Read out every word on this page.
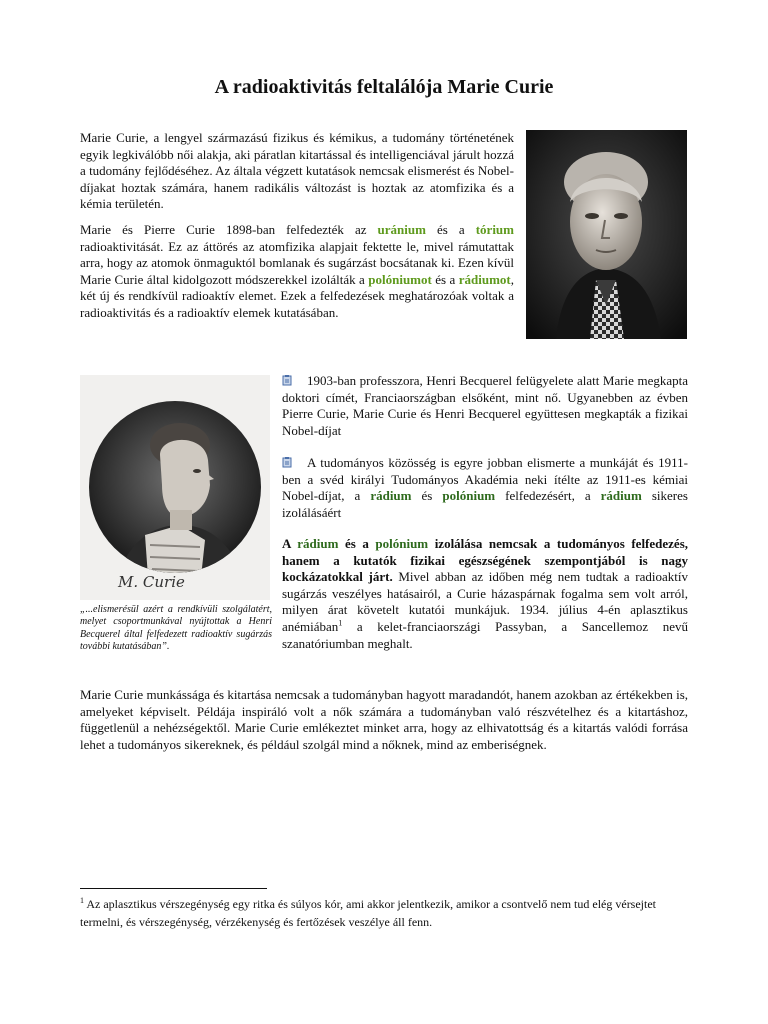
A radioaktivitás feltalálója Marie Curie

Marie Curie, a lengyel származású fizikus és kémikus, a tudomány történetének egyik legkiválóbb női alakja, aki páratlan kitartással és intelligenciával járult hozzá a tudomány fejlődéséhez. Az általa végzett kutatások nemcsak elismerést és Nobel-díjakat hoztak számára, hanem radikális változást is hoztak az atomfizika és a kémia területén.

Marie és Pierre Curie 1898-ban felfedezték az uránium és a tórium radioaktivitását. Ez az áttörés az atomfizika alapjait fektette le, mivel rámutattak arra, hogy az atomok önmaguktól bomlanak és sugárzást bocsátanak ki. Ezen kívül Marie Curie által kidolgozott módszerekkel izolálták a polóniumot és a rádiumot, két új és rendkívül radioaktív elemet. Ezek a felfedezések meghatározóak voltak a radioaktivitás és a radioaktív elemek kutatásában.

M. Curie

„...elismerésül azért a rendkívüli szolgálatért, melyet csoportmunkával nyújtottak a Henri Becquerel által felfedezett radioaktív sugárzás további kutatásában”.

1903-ban professzora, Henri Becquerel felügyelete alatt Marie megkapta doktori címét, Franciaországban elsőként, mint nő. Ugyanebben az évben Pierre Curie, Marie Curie és Henri Becquerel együttesen megkapták a fizikai Nobel-díjat

A tudományos közösség is egyre jobban elismerte a munkáját és 1911-ben a svéd királyi Tudományos Akadémia neki ítélte az 1911-es kémiai Nobel-díjat, a rádium és polónium felfedezésért, a rádium sikeres izolálásáért

A rádium és a polónium izolálása nemcsak a tudományos felfedezés, hanem a kutatók fizikai egészségének szempontjából is nagy kockázatokkal járt. Mivel abban az időben még nem tudtak a radioaktív sugárzás veszélyes hatásairól, a Curie házaspárnak fogalma sem volt arról, milyen árat követelt kutatói munkájuk. 1934. július 4-én aplasztikus anémiában$^1$ a kelet-franciaországi Passyban, a Sancellemoz nevű szanatóriumban meghalt.

Marie Curie munkássága és kitartása nemcsak a tudományban hagyott maradandót, hanem azokban az értékekben is, amelyeket képviselt. Példája inspiráló volt a nők számára a tudományban való részvételhez és a kitartáshoz, függetlenül a nehézségektől. Marie Curie emlékeztet minket arra, hogy az elhivatottság és a kitartás valódi forrása lehet a tudományos sikereknek, és például szolgál mind a nőknek, mind az emberiségnek.

$^1$ Az aplasztikus vérszegénység egy ritka és súlyos kór, ami akkor jelentkezik, amikor a csontvelő nem tud elég vérsejtet termelni, és vérszegénység, vérzékenység és fertőzések veszélye áll fenn.
